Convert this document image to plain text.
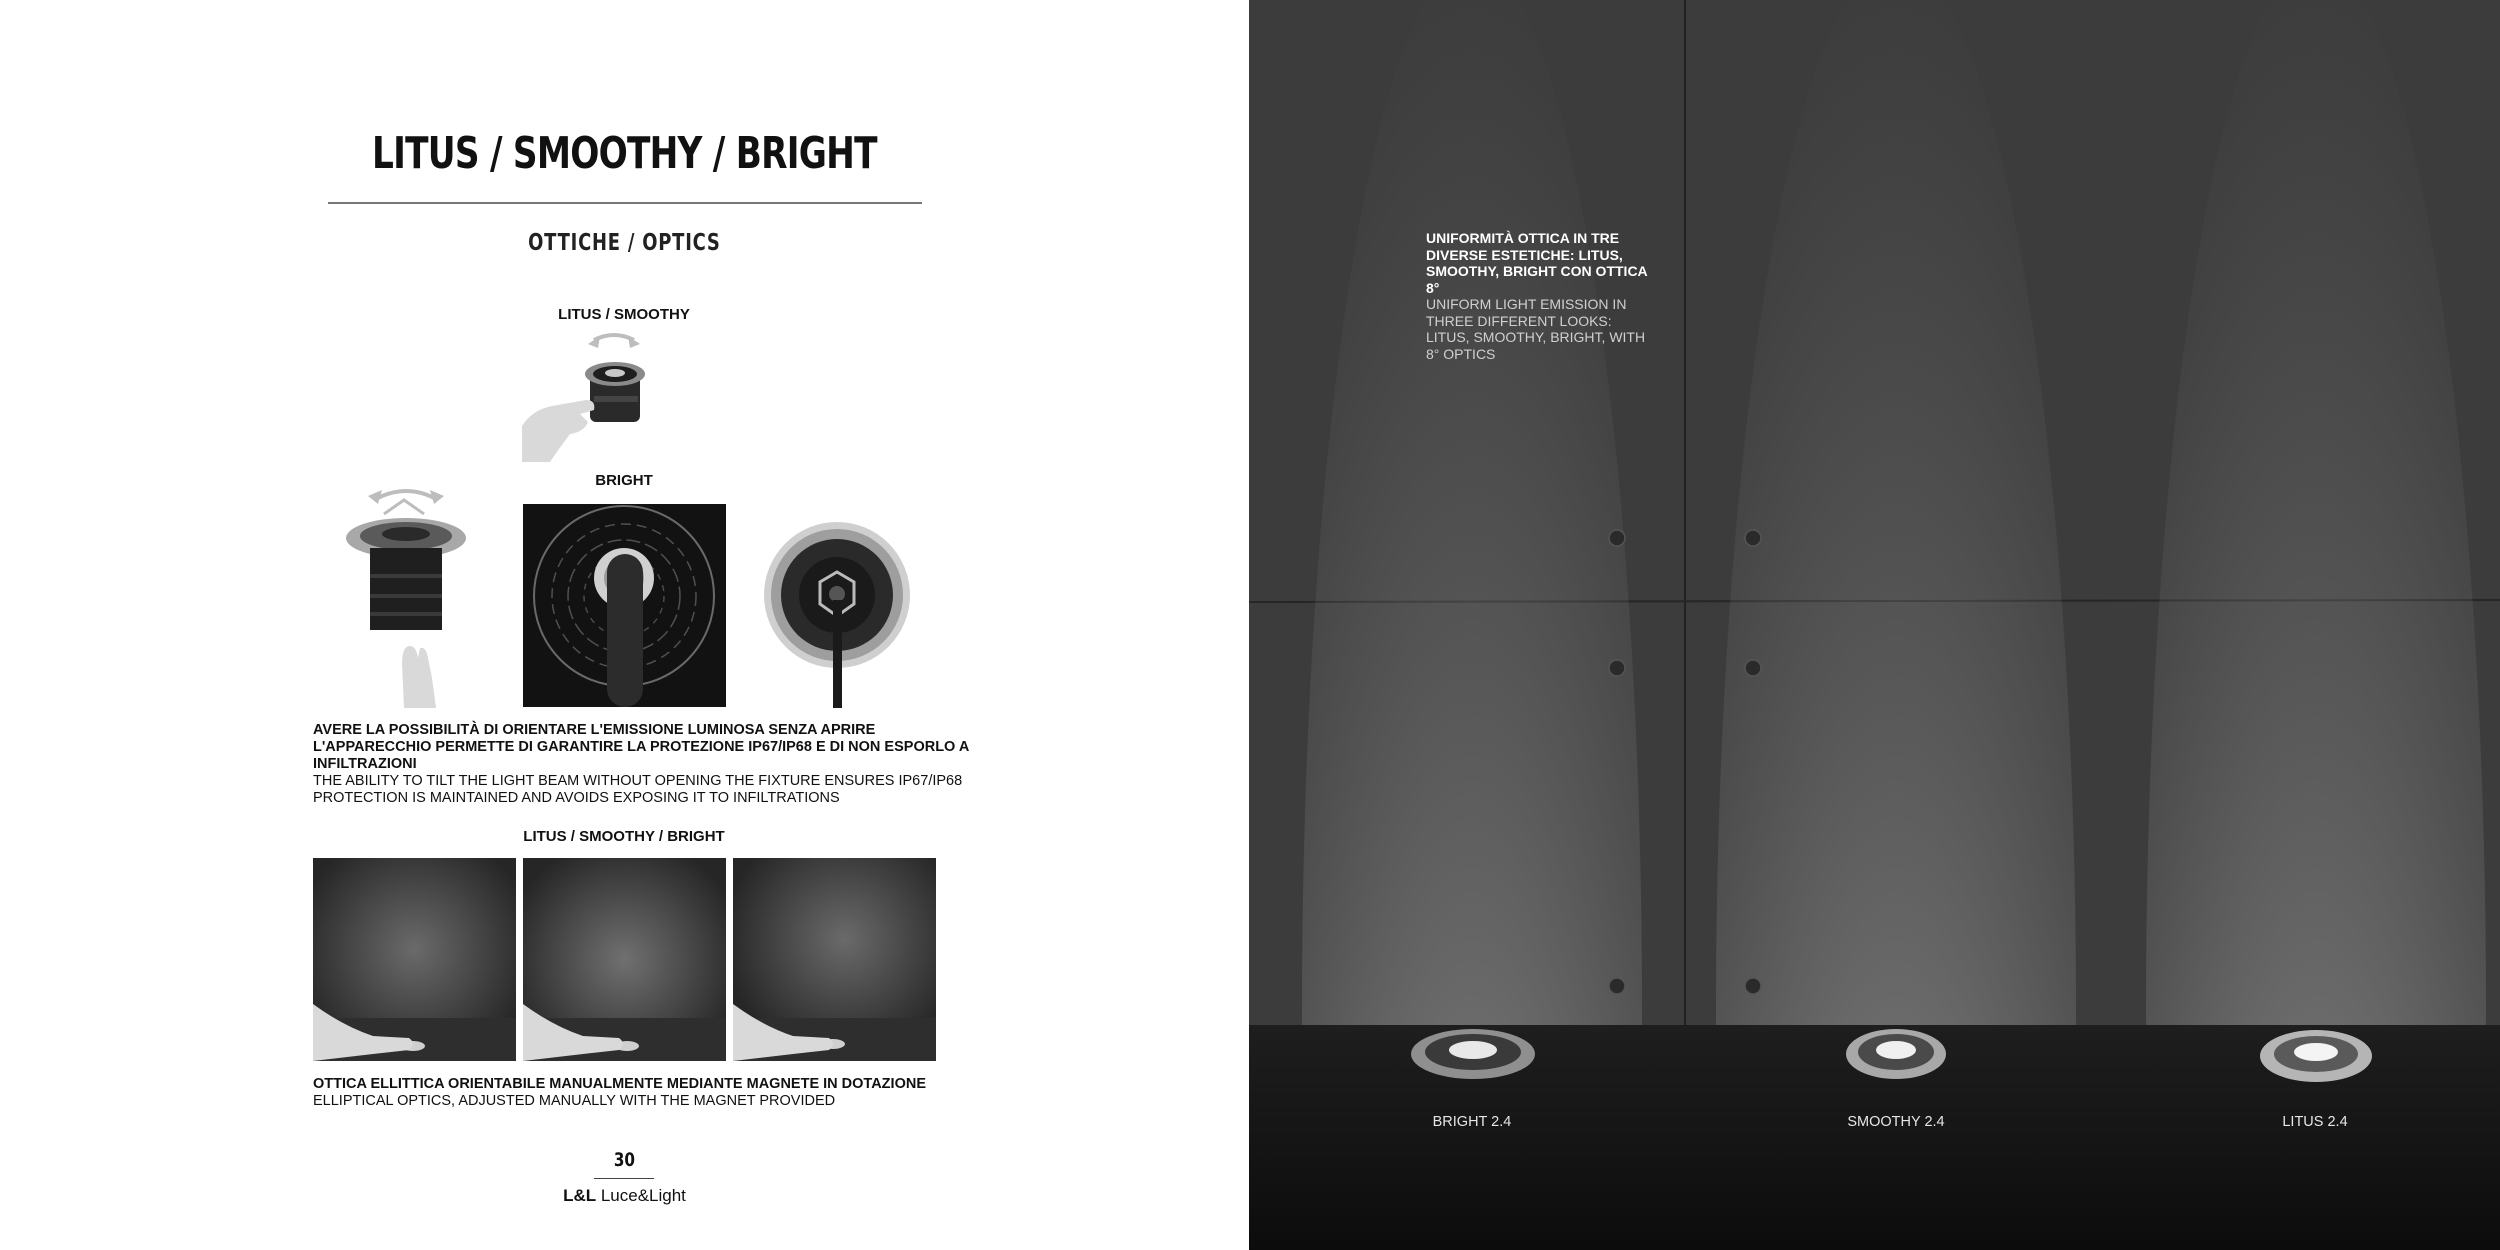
LITUS / SMOOTHY / BRIGHT
OTTICHE / OPTICS
LITUS / SMOOTHY
BRIGHT
AVERE LA POSSIBILITÀ DI ORIENTARE L'EMISSIONE LUMINOSA SENZA APRIRE L'APPARECCHIO PERMETTE DI GARANTIRE LA PROTEZIONE IP67/IP68 E DI NON ESPORLO A INFILTRAZIONI
THE ABILITY TO TILT THE LIGHT BEAM WITHOUT OPENING THE FIXTURE ENSURES IP67/IP68 PROTECTION IS MAINTAINED AND AVOIDS EXPOSING IT TO INFILTRATIONS
LITUS / SMOOTHY / BRIGHT
OTTICA ELLITTICA ORIENTABILE MANUALMENTE MEDIANTE MAGNETE IN DOTAZIONE
ELLIPTICAL OPTICS, ADJUSTED MANUALLY WITH THE MAGNET PROVIDED
30
L&L Luce&Light
UNIFORMITÀ OTTICA IN TRE DIVERSE ESTETICHE: LITUS, SMOOTHY, BRIGHT CON OTTICA 8°
UNIFORM LIGHT EMISSION IN THREE DIFFERENT LOOKS: LITUS, SMOOTHY, BRIGHT, WITH 8° OPTICS
BRIGHT 2.4	SMOOTHY 2.4	LITUS 2.4
